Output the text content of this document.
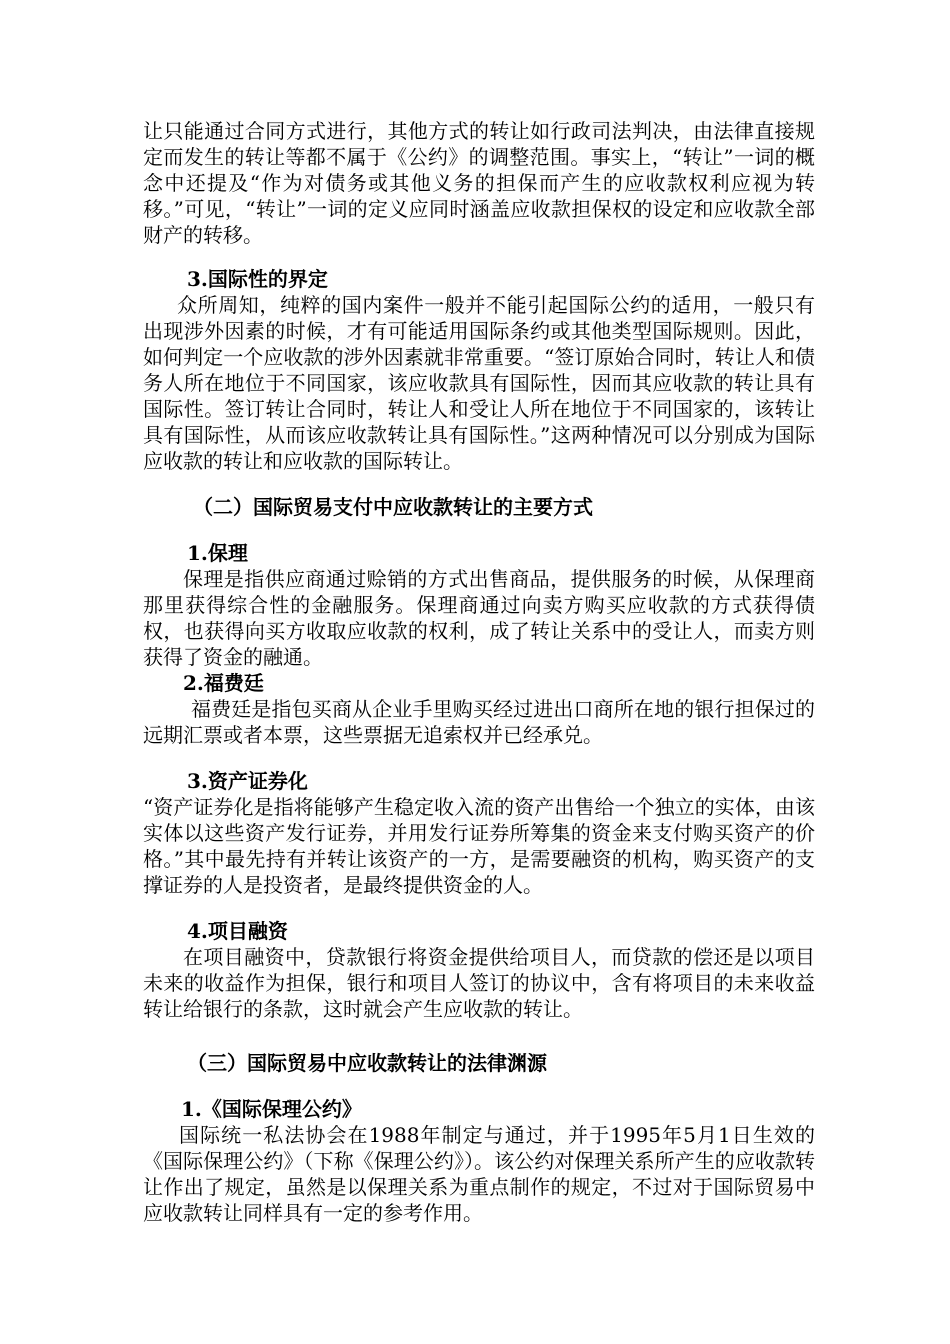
让只能通过合同方式进行，其他方式的转让如行政司法判决，由法律直接规定而发生的转让等都不属于《公约》的调整范围。事实上，“转让”一词的概念中还提及“作为对债务或其他义务的担保而产生的应收款权利应视为转移。”可见，“转让”一词的定义应同时涵盖应收款担保权的设定和应收款全部财产的转移。

3.国际性的界定

众所周知，纯粹的国内案件一般并不能引起国际公约的适用，一般只有出现涉外因素的时候，才有可能适用国际条约或其他类型国际规则。因此，如何判定一个应收款的涉外因素就非常重要。“签订原始合同时，转让人和债务人所在地位于不同国家，该应收款具有国际性，因而其应收款的转让具有国际性。签订转让合同时，转让人和受让人所在地位于不同国家的，该转让具有国际性，从而该应收款转让具有国际性。”这两种情况可以分别成为国际应收款的转让和应收款的国际转让。

（二）国际贸易支付中应收款转让的主要方式

1.保理

保理是指供应商通过赊销的方式出售商品，提供服务的时候，从保理商那里获得综合性的金融服务。保理商通过向卖方购买应收款的方式获得债权，也获得向买方收取应收款的权利，成了转让关系中的受让人，而卖方则获得了资金的融通。

2.福费廷

福费廷是指包买商从企业手里购买经过进出口商所在地的银行担保过的远期汇票或者本票，这些票据无追索权并已经承兑。

3.资产证券化

“资产证券化是指将能够产生稳定收入流的资产出售给一个独立的实体，由该实体以这些资产发行证券，并用发行证券所筹集的资金来支付购买资产的价格。”其中最先持有并转让该资产的一方，是需要融资的机构，购买资产的支撑证券的人是投资者，是最终提供资金的人。

4.项目融资

在项目融资中，贷款银行将资金提供给项目人，而贷款的偿还是以项目未来的收益作为担保，银行和项目人签订的协议中，含有将项目的未来收益转让给银行的条款，这时就会产生应收款的转让。

（三）国际贸易中应收款转让的法律渊源

1.《国际保理公约》

国际统一私法协会在1988年制定与通过，并于1995年5月1日生效的《国际保理公约》（下称《保理公约》）。该公约对保理关系所产生的应收款转让作出了规定，虽然是以保理关系为重点制作的规定，不过对于国际贸易中应收款转让同样具有一定的参考作用。
